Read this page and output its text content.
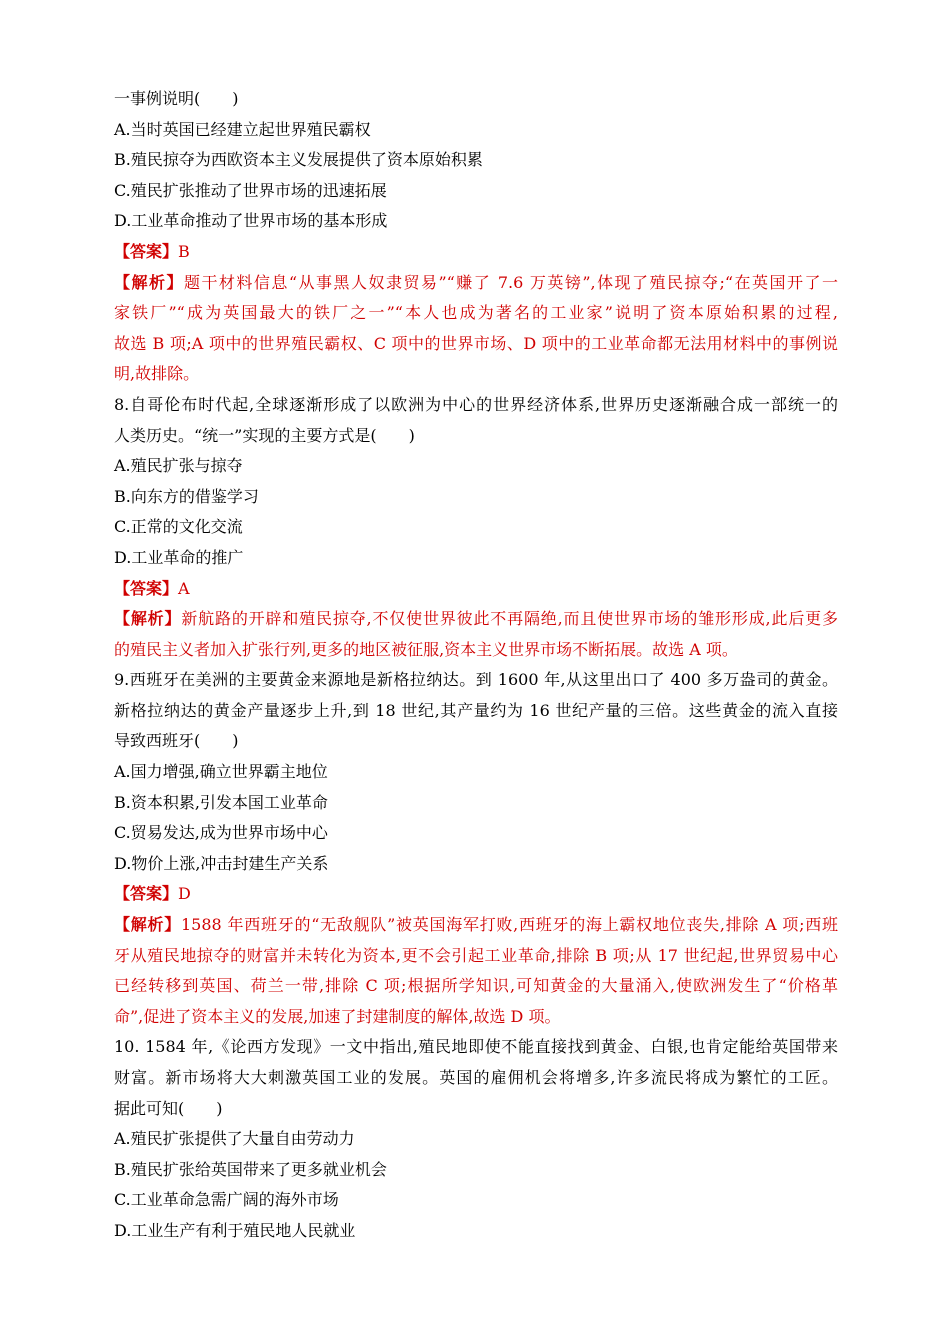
一事例说明(　　)
A.当时英国已经建立起世界殖民霸权
B.殖民掠夺为西欧资本主义发展提供了资本原始积累
C.殖民扩张推动了世界市场的迅速拓展
D.工业革命推动了世界市场的基本形成
【答案】B
【解析】题干材料信息“从事黑人奴隶贸易”“赚了 7.6 万英镑”,体现了殖民掠夺;“在英国开了一
家铁厂”“成为英国最大的铁厂之一”“本人也成为著名的工业家”说明了资本原始积累的过程,
故选 B 项;A 项中的世界殖民霸权、C 项中的世界市场、D 项中的工业革命都无法用材料中的事例说
明,故排除。
8.自哥伦布时代起,全球逐渐形成了以欧洲为中心的世界经济体系,世界历史逐渐融合成一部统一的
人类历史。“统一”实现的主要方式是(　　)
A.殖民扩张与掠夺
B.向东方的借鉴学习
C.正常的文化交流
D.工业革命的推广
【答案】A
【解析】新航路的开辟和殖民掠夺,不仅使世界彼此不再隔绝,而且使世界市场的雏形形成,此后更多
的殖民主义者加入扩张行列,更多的地区被征服,资本主义世界市场不断拓展。故选 A 项。
9.西班牙在美洲的主要黄金来源地是新格拉纳达。到 1600 年,从这里出口了 400 多万盎司的黄金。
新格拉纳达的黄金产量逐步上升,到 18 世纪,其产量约为 16 世纪产量的三倍。这些黄金的流入直接
导致西班牙(　　)
A.国力增强,确立世界霸主地位
B.资本积累,引发本国工业革命
C.贸易发达,成为世界市场中心
D.物价上涨,冲击封建生产关系
【答案】D
【解析】1588 年西班牙的“无敌舰队”被英国海军打败,西班牙的海上霸权地位丧失,排除 A 项;西班
牙从殖民地掠夺的财富并未转化为资本,更不会引起工业革命,排除 B 项;从 17 世纪起,世界贸易中心
已经转移到英国、荷兰一带,排除 C 项;根据所学知识,可知黄金的大量涌入,使欧洲发生了“价格革
命”,促进了资本主义的发展,加速了封建制度的解体,故选 D 项。
10. 1584 年,《论西方发现》一文中指出,殖民地即使不能直接找到黄金、白银,也肯定能给英国带来
财富。新市场将大大刺激英国工业的发展。英国的雇佣机会将增多,许多流民将成为繁忙的工匠。
据此可知(　　)
A.殖民扩张提供了大量自由劳动力
B.殖民扩张给英国带来了更多就业机会
C.工业革命急需广阔的海外市场
D.工业生产有利于殖民地人民就业
